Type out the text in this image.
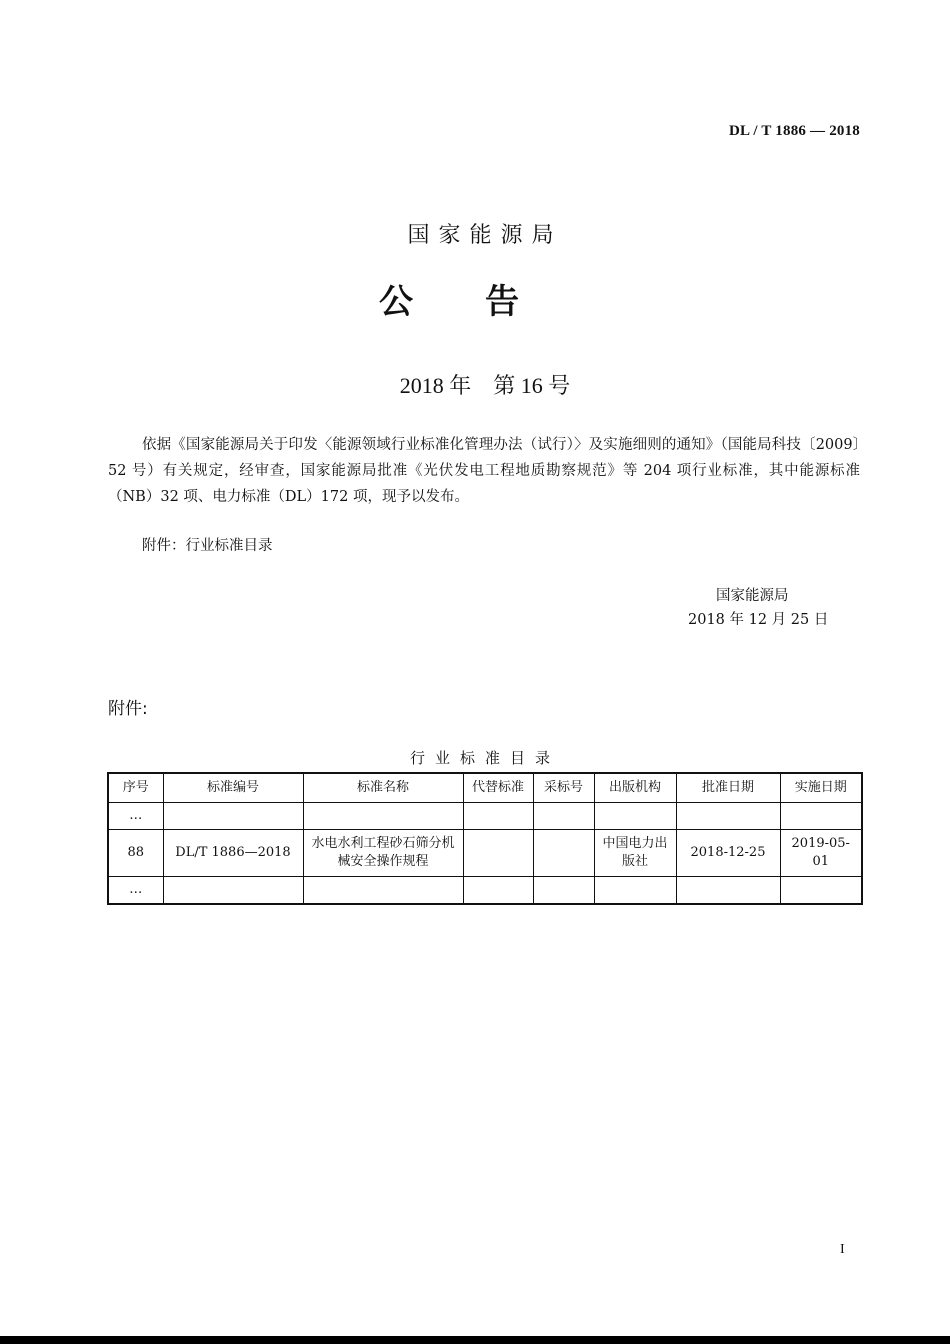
DL / T 1886 — 2018
国家能源局
公告
2018 年　第 16 号

依据《国家能源局关于印发〈能源领域行业标准化管理办法（试行）〉及实施细则的通知》（国能局科技〔2009〕52 号）有关规定，经审查，国家能源局批准《光伏发电工程地质勘察规范》等 204 项行业标准，其中能源标准（NB）32 项、电力标准（DL）172 项，现予以发布。

附件：行业标准目录
国家能源局
2018 年 12 月 25 日
附件:
行业标准目录
序号	标准编号	标准名称	代替标准	采标号	出版机构	批准日期	实施日期
…							
88	DL/T 1886—2018	水电水利工程砂石筛分机械安全操作规程			中国电力出版社	2018-12-25	2019-05-01
…							
I
